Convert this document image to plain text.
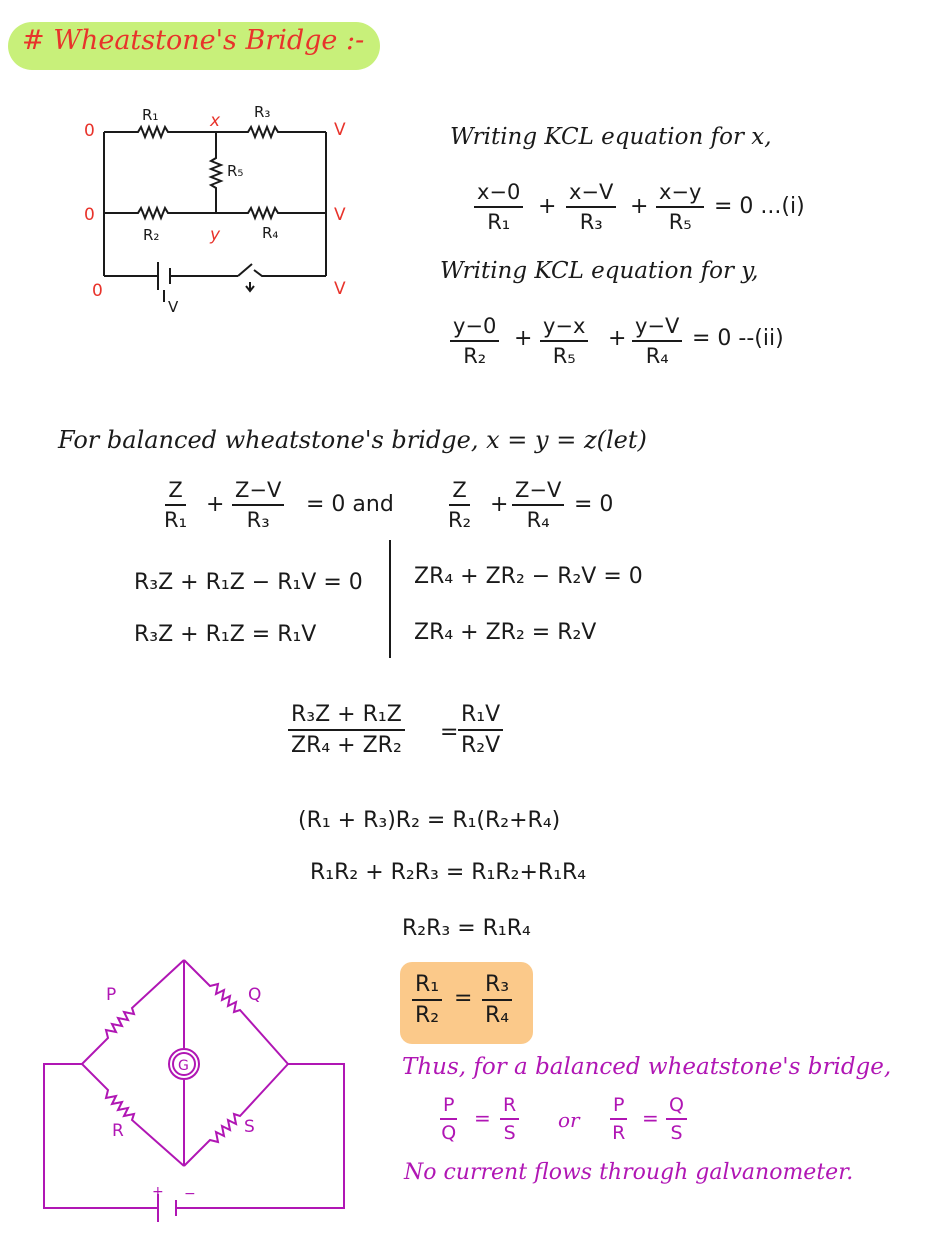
# Wheatstone's Bridge :-
R₁	R₃
R₅
R₂	R₄
V
x
y
0
0
0
V
V
V
Writing KCL equation for x,
$\frac{x-0}{\text{R₁}} + \frac{x-V}{\text{R₃}} + \frac{x-y}{\text{R₅}} = 0$ ...(i)
Writing KCL equation for y,
$\frac{y-0}{\text{R₂}} + \frac{y-x}{\text{R₅}} + \frac{y-V}{\text{R₄}} = 0$ --(ii)
For balanced wheatstone's bridge, x = y = z(let)
$\frac{Z}{\text{R₁}} + \frac{Z-V}{\text{R₃}} = 0$ and	$\frac{Z}{\text{R₂}} + \frac{Z-V}{\text{R₄}} = 0$
R₃Z + R₁Z − R₁V = 0
R₃Z + R₁Z = R₁V
ZR₄ + ZR₂ − R₂V = 0
ZR₄ + ZR₂ = R₂V
$\frac{\text{R₃Z + R₁Z}}{\text{ZR₄ + ZR₂}} = \frac{\text{R₁V}}{\text{R₂V}}$
(R₁ + R₃)R₂ = R₁(R₂+R₄)
R₁R₂ + R₂R₃ = R₁R₂+R₁R₄
R₂R₃ = R₁R₄
$\frac{\text{R₁}}{\text{R₂}} = \frac{\text{R₃}}{\text{R₄}}$
P	Q
R	S
G
+ −
Thus, for a balanced wheatstone's bridge,
$\frac{P}{Q} = \frac{R}{S}$ or $\frac{P}{R} = \frac{Q}{S}$
No current flows through galvanometer.
